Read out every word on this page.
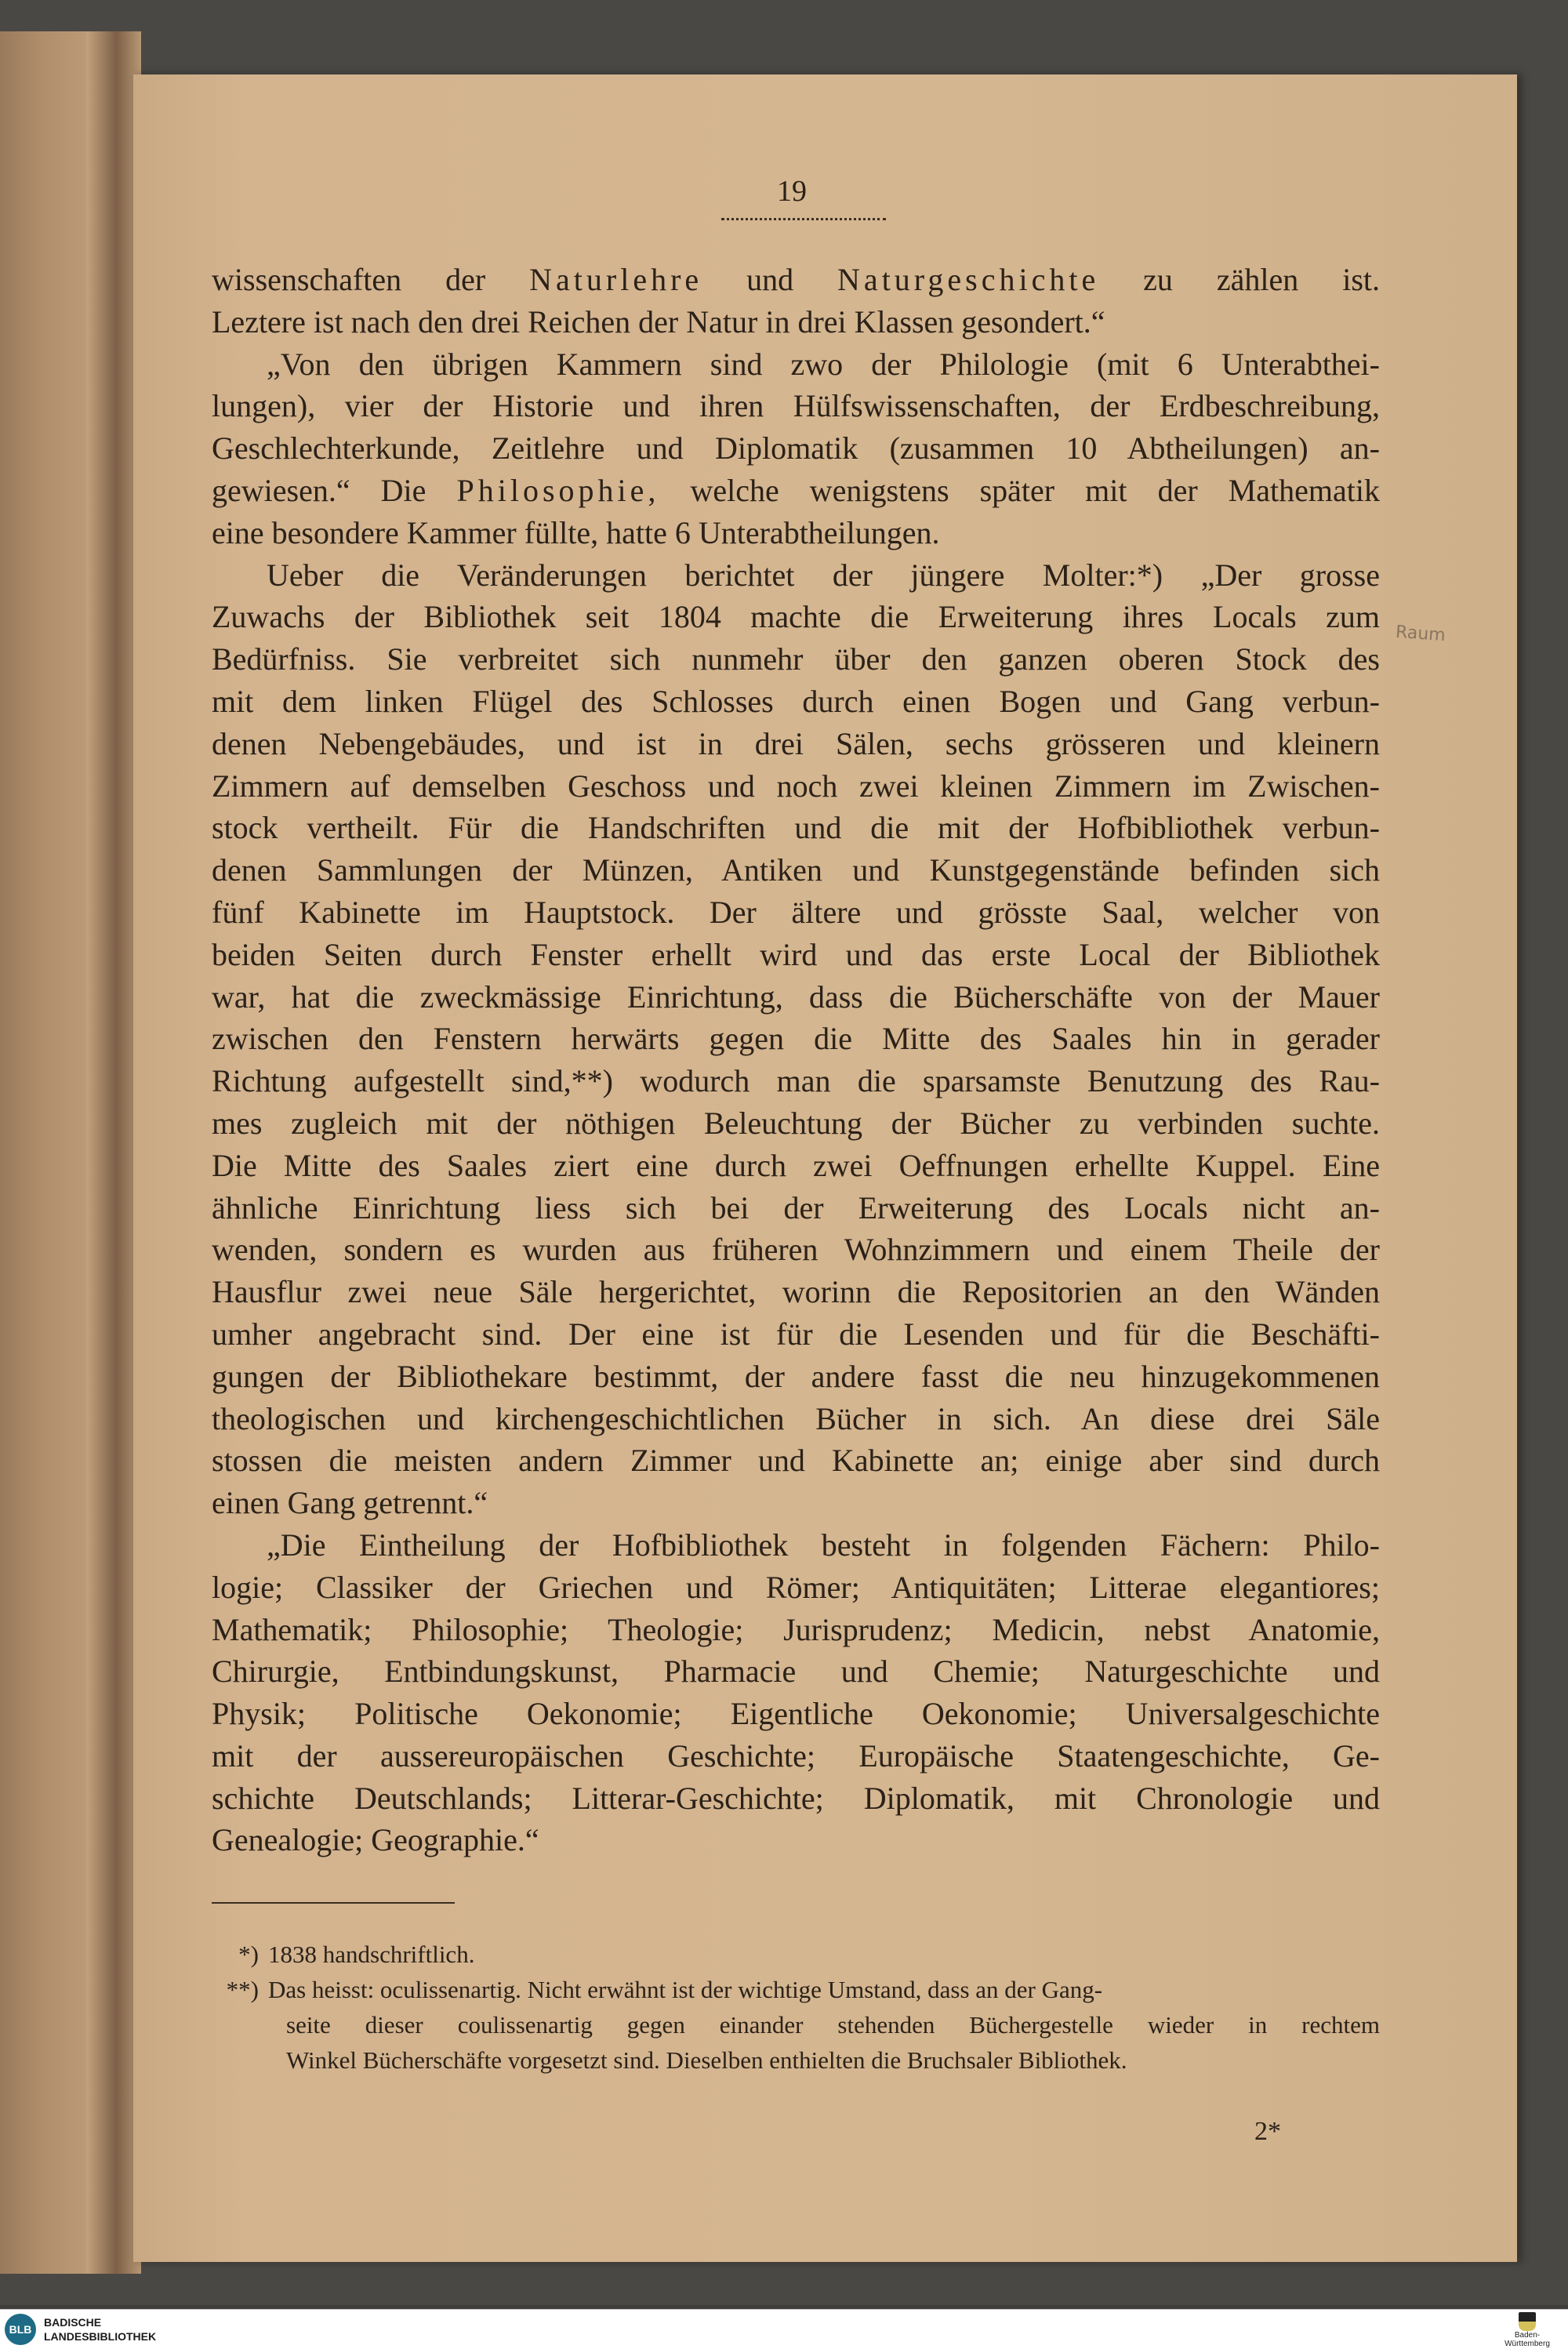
19
wissenschaften der Naturlehre und Naturgeschichte zu zählen ist.
Leztere ist nach den drei Reichen der Natur in drei Klassen gesondert.“
„Von den übrigen Kammern sind zwo der Philologie (mit 6 Unterabthei-
lungen), vier der Historie und ihren Hülfswissenschaften, der Erdbeschreibung,
Geschlechterkunde, Zeitlehre und Diplomatik (zusammen 10 Abtheilungen) an-
gewiesen.“ Die Philosophie, welche wenigstens später mit der Mathematik
eine besondere Kammer füllte, hatte 6 Unterabtheilungen.
Ueber die Veränderungen berichtet der jüngere Molter:*) „Der grosse
Zuwachs der Bibliothek seit 1804 machte die Erweiterung ihres Locals zum
Bedürfniss. Sie verbreitet sich nunmehr über den ganzen oberen Stock des
mit dem linken Flügel des Schlosses durch einen Bogen und Gang verbun-
denen Nebengebäudes, und ist in drei Sälen, sechs grösseren und kleinern
Zimmern auf demselben Geschoss und noch zwei kleinen Zimmern im Zwischen-
stock vertheilt. Für die Handschriften und die mit der Hofbibliothek verbun-
denen Sammlungen der Münzen, Antiken und Kunstgegenstände befinden sich
fünf Kabinette im Hauptstock. Der ältere und grösste Saal, welcher von
beiden Seiten durch Fenster erhellt wird und das erste Local der Bibliothek
war, hat die zweckmässige Einrichtung, dass die Bücherschäfte von der Mauer
zwischen den Fenstern herwärts gegen die Mitte des Saales hin in gerader
Richtung aufgestellt sind,**) wodurch man die sparsamste Benutzung des Rau-
mes zugleich mit der nöthigen Beleuchtung der Bücher zu verbinden suchte.
Die Mitte des Saales ziert eine durch zwei Oeffnungen erhellte Kuppel. Eine
ähnliche Einrichtung liess sich bei der Erweiterung des Locals nicht an-
wenden, sondern es wurden aus früheren Wohnzimmern und einem Theile der
Hausflur zwei neue Säle hergerichtet, worinn die Repositorien an den Wänden
umher angebracht sind. Der eine ist für die Lesenden und für die Beschäfti-
gungen der Bibliothekare bestimmt, der andere fasst die neu hinzugekommenen
theologischen und kirchengeschichtlichen Bücher in sich. An diese drei Säle
stossen die meisten andern Zimmer und Kabinette an; einige aber sind durch
einen Gang getrennt.“
„Die Eintheilung der Hofbibliothek besteht in folgenden Fächern: Philo-
logie; Classiker der Griechen und Römer; Antiquitäten; Litterae elegantiores;
Mathematik; Philosophie; Theologie; Jurisprudenz; Medicin, nebst Anatomie,
Chirurgie, Entbindungskunst, Pharmacie und Chemie; Naturgeschichte und
Physik; Politische Oekonomie; Eigentliche Oekonomie; Universalgeschichte
mit der aussereuropäischen Geschichte; Europäische Staatengeschichte, Ge-
schichte Deutschlands; Litterar-Geschichte; Diplomatik, mit Chronologie und
Genealogie; Geographie.“
Raum
*) 1838 handschriftlich.
**) Das heisst: oculissenartig. Nicht erwähnt ist der wichtige Umstand, dass an der Gang-
seite dieser coulissenartig gegen einander stehenden Büchergestelle wieder in rechtem
Winkel Bücherschäfte vorgesetzt sind. Dieselben enthielten die Bruchsaler Bibliothek.
2*
BLB
BADISCHE
LANDESBIBLIOTHEK	Baden-Württemberg
